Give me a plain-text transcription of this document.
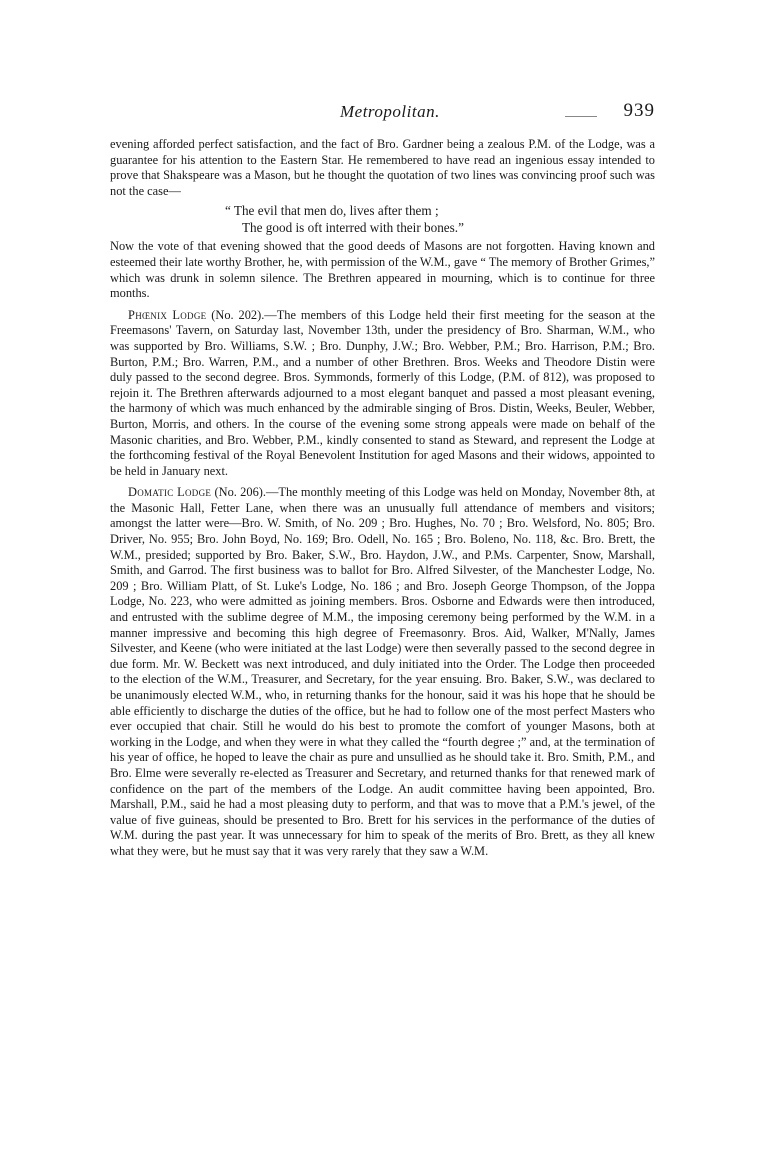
Metropolitan.	939

evening afforded perfect satisfaction, and the fact of Bro. Gardner being a zealous P.M. of the Lodge, was a guarantee for his attention to the Eastern Star. He remembered to have read an ingenious essay intended to prove that Shakspeare was a Mason, but he thought the quotation of two lines was convincing proof such was not the case—

“ The evil that men do, lives after them ;
The good is oft interred with their bones.”

Now the vote of that evening showed that the good deeds of Masons are not forgotten. Having known and esteemed their late worthy Brother, he, with permission of the W.M., gave “ The memory of Brother Grimes,” which was drunk in solemn silence. The Brethren appeared in mourning, which is to continue for three months.

Phœnix Lodge (No. 202).—The members of this Lodge held their first meeting for the season at the Freemasons' Tavern, on Saturday last, November 13th, under the presidency of Bro. Sharman, W.M., who was supported by Bro. Williams, S.W. ; Bro. Dunphy, J.W.; Bro. Webber, P.M.; Bro. Harrison, P.M.; Bro. Burton, P.M.; Bro. Warren, P.M., and a number of other Brethren. Bros. Weeks and Theodore Distin were duly passed to the second degree. Bros. Symmonds, formerly of this Lodge, (P.M. of 812), was proposed to rejoin it. The Brethren afterwards adjourned to a most elegant banquet and passed a most pleasant evening, the harmony of which was much enhanced by the admirable singing of Bros. Distin, Weeks, Beuler, Webber, Burton, Morris, and others. In the course of the evening some strong appeals were made on behalf of the Masonic charities, and Bro. Webber, P.M., kindly consented to stand as Steward, and represent the Lodge at the forthcoming festival of the Royal Benevolent Institution for aged Masons and their widows, appointed to be held in January next.

Domatic Lodge (No. 206).—The monthly meeting of this Lodge was held on Monday, November 8th, at the Masonic Hall, Fetter Lane, when there was an unusually full attendance of members and visitors; amongst the latter were—Bro. W. Smith, of No. 209 ; Bro. Hughes, No. 70 ; Bro. Welsford, No. 805; Bro. Driver, No. 955; Bro. John Boyd, No. 169; Bro. Odell, No. 165 ; Bro. Boleno, No. 118, &c. Bro. Brett, the W.M., presided; supported by Bro. Baker, S.W., Bro. Haydon, J.W., and P.Ms. Carpenter, Snow, Marshall, Smith, and Garrod. The first business was to ballot for Bro. Alfred Silvester, of the Manchester Lodge, No. 209 ; Bro. William Platt, of St. Luke's Lodge, No. 186 ; and Bro. Joseph George Thompson, of the Joppa Lodge, No. 223, who were admitted as joining members. Bros. Osborne and Edwards were then introduced, and entrusted with the sublime degree of M.M., the imposing ceremony being performed by the W.M. in a manner impressive and becoming this high degree of Freemasonry. Bros. Aid, Walker, M'Nally, James Silvester, and Keene (who were initiated at the last Lodge) were then severally passed to the second degree in due form. Mr. W. Beckett was next introduced, and duly initiated into the Order. The Lodge then proceeded to the election of the W.M., Treasurer, and Secretary, for the year ensuing. Bro. Baker, S.W., was declared to be unanimously elected W.M., who, in returning thanks for the honour, said it was his hope that he should be able efficiently to discharge the duties of the office, but he had to follow one of the most perfect Masters who ever occupied that chair. Still he would do his best to promote the comfort of younger Masons, both at working in the Lodge, and when they were in what they called the “fourth degree ;” and, at the termination of his year of office, he hoped to leave the chair as pure and unsullied as he should take it. Bro. Smith, P.M., and Bro. Elme were severally re-elected as Treasurer and Secretary, and returned thanks for that renewed mark of confidence on the part of the members of the Lodge. An audit committee having been appointed, Bro. Marshall, P.M., said he had a most pleasing duty to perform, and that was to move that a P.M.'s jewel, of the value of five guineas, should be presented to Bro. Brett for his services in the performance of the duties of W.M. during the past year. It was unnecessary for him to speak of the merits of Bro. Brett, as they all knew what they were, but he must say that it was very rarely that they saw a W.M.
